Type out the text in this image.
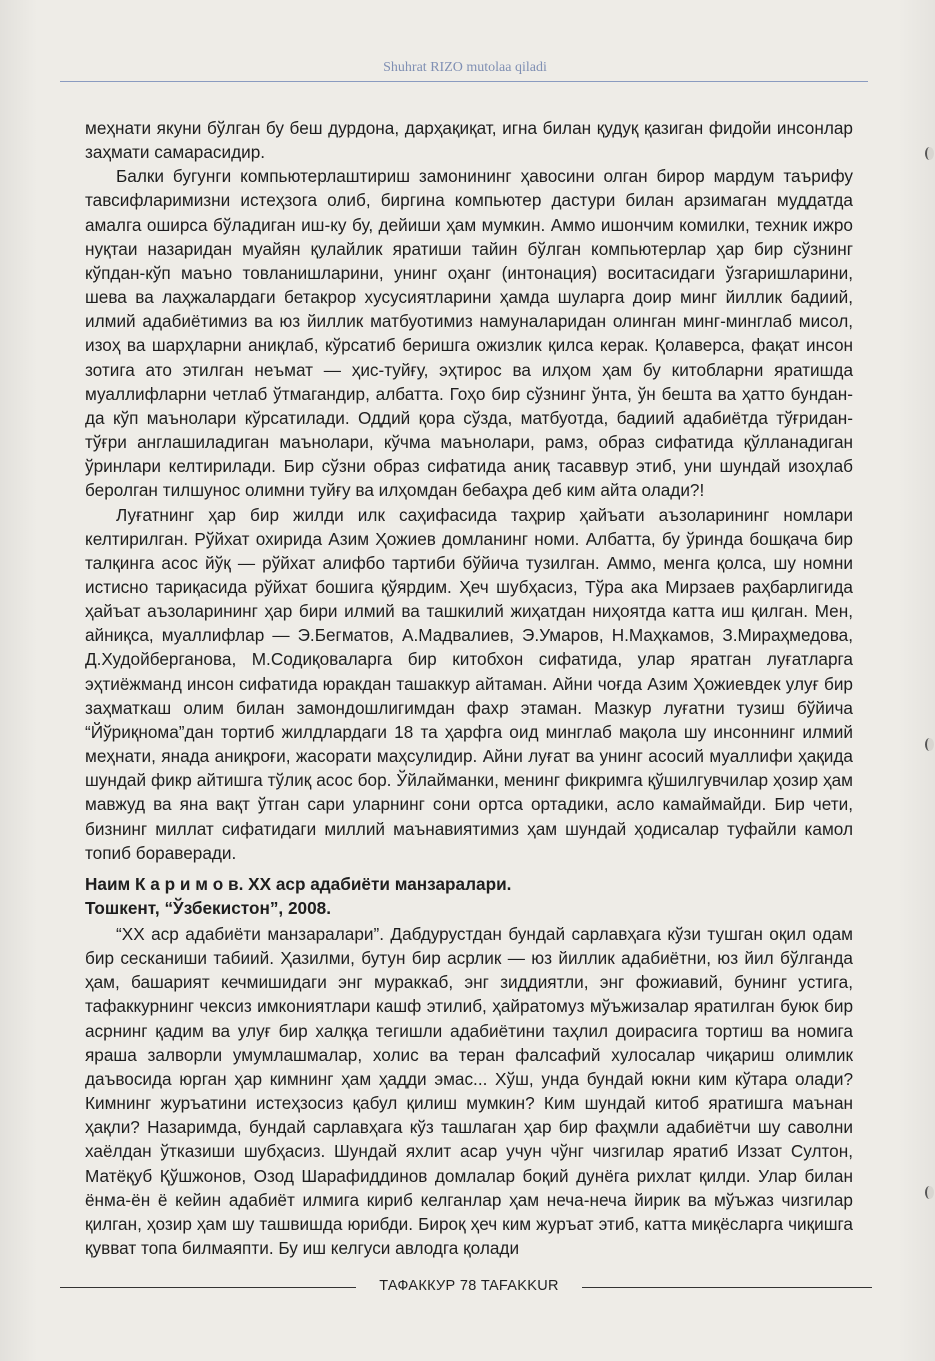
Shuhrat RIZO mutolaa qiladi

меҳнати якуни бўлган бу беш дурдона, дарҳақиқат, игна билан қудуқ қазиган фидойи инсонлар заҳмати самарасидир.

Балки бугунги компьютерлаштириш замонининг ҳавосини олган бирор мардум таърифу тавсифларимизни истеҳзога олиб, биргина компьютер дастури билан арзимаган муддатда амалга оширса бўладиган иш-ку бу, дейиши ҳам мумкин. Аммо ишончим комилки, техник ижро нуқтаи назаридан муайян қулайлик яратиши тайин бўлган компьютерлар ҳар бир сўзнинг кўпдан-кўп маъно товланишларини, унинг оҳанг (интонация) воситасидаги ўзгаришларини, шева ва лаҳжалардаги бетакрор хусусиятларини ҳамда шуларга доир минг йиллик бадиий, илмий адабиётимиз ва юз йиллик матбуотимиз намуналаридан олинган минг-минглаб мисол, изоҳ ва шарҳларни аниқлаб, кўрсатиб беришга ожизлик қилса керак. Қолаверса, фақат инсон зотига ато этилган неъмат — ҳис-туйғу, эҳтирос ва илҳом ҳам бу китобларни яратишда муаллифларни четлаб ўтмагандир, албатта. Гоҳо бир сўзнинг ўнта, ўн бешта ва ҳатто бундан-да кўп маънолари кўрсатилади. Оддий қора сўзда, матбуотда, бадиий адабиётда тўғридан-тўғри англашиладиган маънолари, кўчма маънолари, рамз, образ сифатида қўлланадиган ўринлари келтирилади. Бир сўзни образ сифатида аниқ тасаввур этиб, уни шундай изоҳлаб беролган тилшунос олимни туйғу ва илҳомдан бебаҳра деб ким айта олади?!

Луғатнинг ҳар бир жилди илк саҳифасида таҳрир ҳайъати аъзоларининг номлари келтирилган. Рўйхат охирида Азим Ҳожиев домланинг номи. Албатта, бу ўринда бошқача бир талқинга асос йўқ — рўйхат алифбо тартиби бўйича тузилган. Аммо, менга қолса, шу номни истисно тариқасида рўйхат бошига қўярдим. Ҳеч шубҳасиз, Тўра ака Мирзаев раҳбарлигида ҳайъат аъзоларининг ҳар бири илмий ва ташкилий жиҳатдан ниҳоятда катта иш қилган. Мен, айниқса, муаллифлар — Э.Бегматов, А.Мадвалиев, Э.Умаров, Н.Маҳкамов, З.Мираҳмедова, Д.Худойберганова, М.Содиқоваларга бир китобхон сифатида, улар яратган луғатларга эҳтиёжманд инсон сифатида юракдан ташаккур айтаман. Айни чоғда Азим Ҳожиевдек улуғ бир заҳматкаш олим билан замондошлигимдан фахр этаман. Мазкур луғатни тузиш бўйича “Йўриқнома”дан тортиб жилдлардаги 18 та ҳарфга оид минглаб мақола шу инсоннинг илмий меҳнати, янада аниқроғи, жасорати маҳсулидир. Айни луғат ва унинг асосий муаллифи ҳақида шундай фикр айтишга тўлиқ асос бор. Ўйлайманки, менинг фикримга қўшилгувчилар ҳозир ҳам мавжуд ва яна вақт ўтган сари уларнинг сони ортса ортадики, асло камаймайди. Бир чети, бизнинг миллат сифатидаги миллий маънавиятимиз ҳам шундай ҳодисалар туфайли камол топиб бораверади.

Наим К а р и м о в. XX аср адабиёти манзаралари.
Тошкент, “Ўзбекистон”, 2008.

“XX аср адабиёти манзаралари”. Дабдурустдан бундай сарлавҳага кўзи тушган оқил одам бир сесканиши табиий. Ҳазилми, бутун бир асрлик — юз йиллик адабиётни, юз йил бўлганда ҳам, башарият кечмишидаги энг мураккаб, энг зиддиятли, энг фожиавий, бунинг устига, тафаккурнинг чексиз имкониятлари кашф этилиб, ҳайратомуз мўъжизалар яратилган буюк бир асрнинг қадим ва улуғ бир халққа тегишли адабиётини таҳлил доирасига тортиш ва номига яраша залворли умумлашмалар, холис ва теран фалсафий хулосалар чиқариш олимлик даъвосида юрган ҳар кимнинг ҳам ҳадди эмас... Хўш, унда бундай юкни ким кўтара олади? Кимнинг журъатини истеҳзосиз қабул қилиш мумкин? Ким шундай китоб яратишга маънан ҳақли? Назаримда, бундай сарлавҳага кўз ташлаган ҳар бир фаҳмли адабиётчи шу саволни хаёлдан ўтказиши шубҳасиз. Шундай яхлит асар учун чўнг чизгилар яратиб Иззат Султон, Матёқуб Қўшжонов, Озод Шарафиддинов домлалар боқий дунёга рихлат қилди. Улар билан ёнма-ён ё кейин адабиёт илмига кириб келганлар ҳам неча-неча йирик ва мўъжаз чизгилар қилган, ҳозир ҳам шу ташвишда юрибди. Бироқ ҳеч ким журъат этиб, катта миқёсларга чиқишга қувват топа билмаяпти. Бу иш келгуси авлодга қолади

ТАФАККУР 78 TAFAKKUR
